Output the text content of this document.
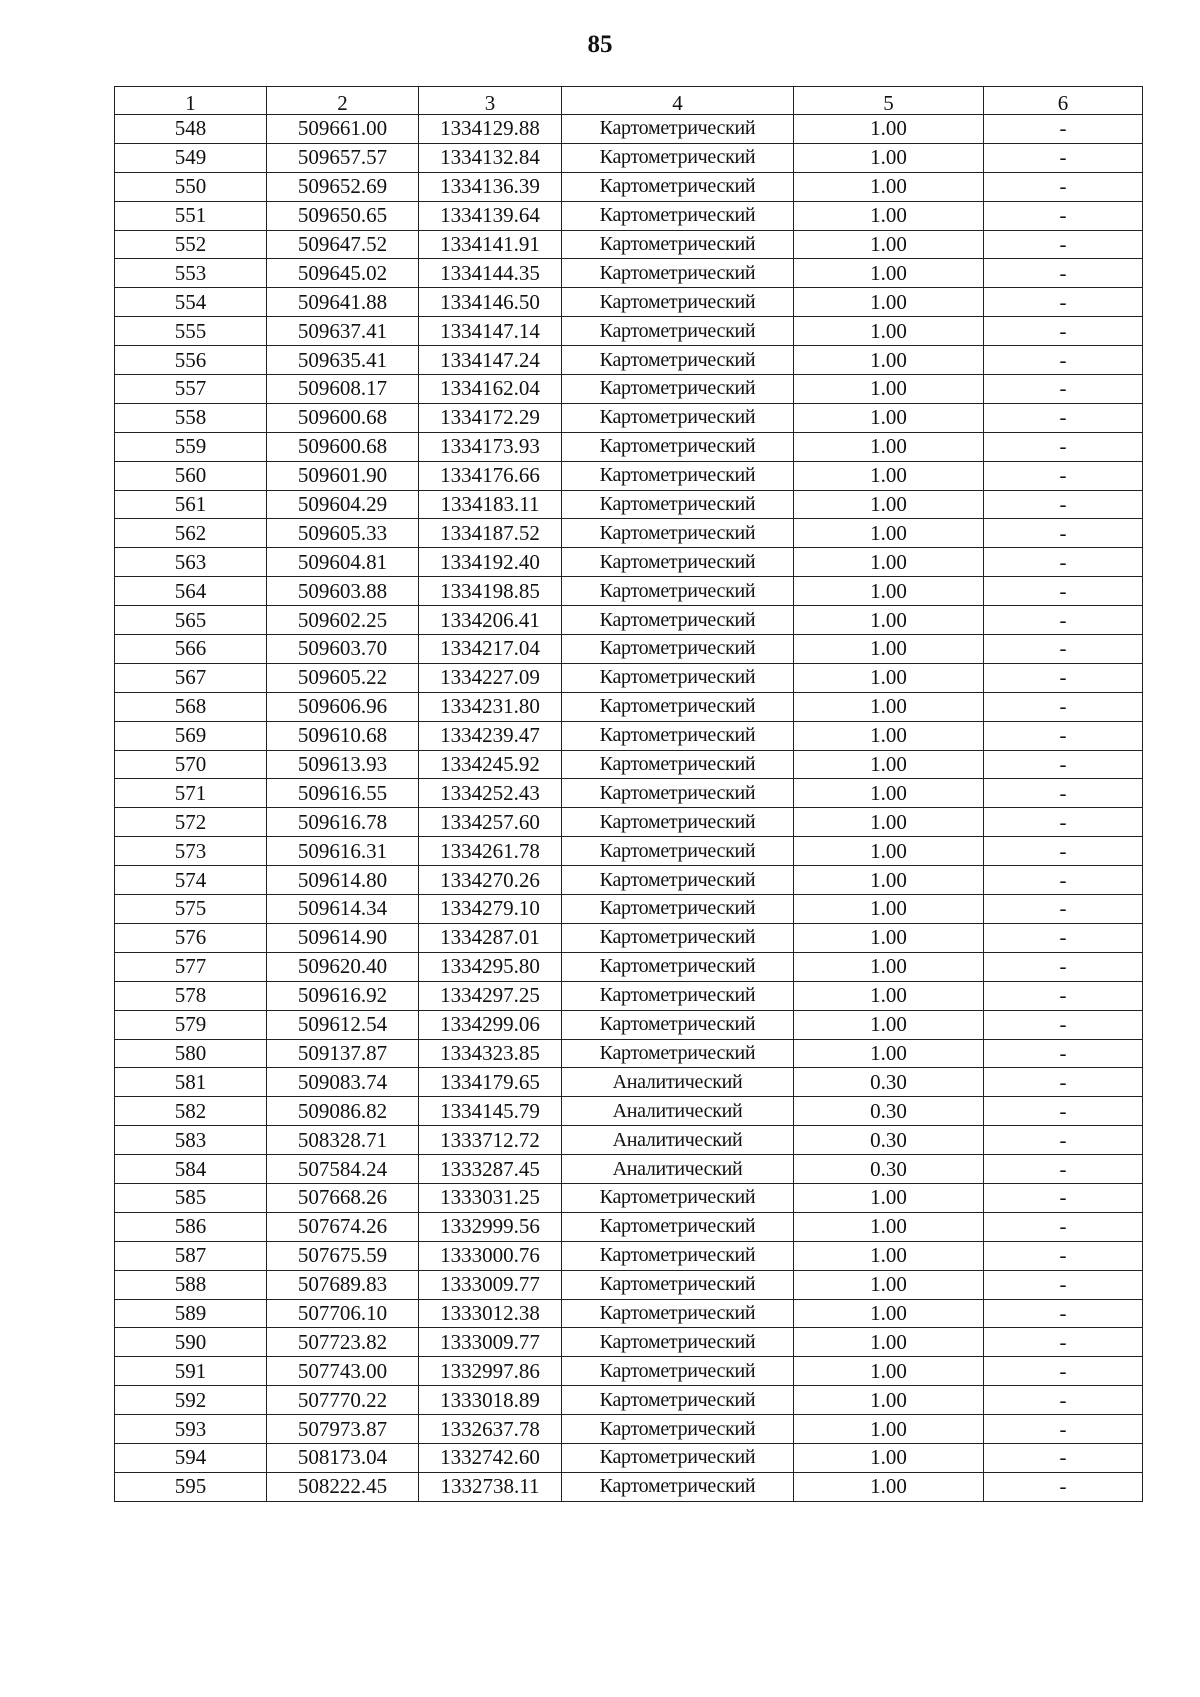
85
1	2	3	4	5	6
548	509661.00	1334129.88	Картометрический	1.00	-
549	509657.57	1334132.84	Картометрический	1.00	-
550	509652.69	1334136.39	Картометрический	1.00	-
551	509650.65	1334139.64	Картометрический	1.00	-
552	509647.52	1334141.91	Картометрический	1.00	-
553	509645.02	1334144.35	Картометрический	1.00	-
554	509641.88	1334146.50	Картометрический	1.00	-
555	509637.41	1334147.14	Картометрический	1.00	-
556	509635.41	1334147.24	Картометрический	1.00	-
557	509608.17	1334162.04	Картометрический	1.00	-
558	509600.68	1334172.29	Картометрический	1.00	-
559	509600.68	1334173.93	Картометрический	1.00	-
560	509601.90	1334176.66	Картометрический	1.00	-
561	509604.29	1334183.11	Картометрический	1.00	-
562	509605.33	1334187.52	Картометрический	1.00	-
563	509604.81	1334192.40	Картометрический	1.00	-
564	509603.88	1334198.85	Картометрический	1.00	-
565	509602.25	1334206.41	Картометрический	1.00	-
566	509603.70	1334217.04	Картометрический	1.00	-
567	509605.22	1334227.09	Картометрический	1.00	-
568	509606.96	1334231.80	Картометрический	1.00	-
569	509610.68	1334239.47	Картометрический	1.00	-
570	509613.93	1334245.92	Картометрический	1.00	-
571	509616.55	1334252.43	Картометрический	1.00	-
572	509616.78	1334257.60	Картометрический	1.00	-
573	509616.31	1334261.78	Картометрический	1.00	-
574	509614.80	1334270.26	Картометрический	1.00	-
575	509614.34	1334279.10	Картометрический	1.00	-
576	509614.90	1334287.01	Картометрический	1.00	-
577	509620.40	1334295.80	Картометрический	1.00	-
578	509616.92	1334297.25	Картометрический	1.00	-
579	509612.54	1334299.06	Картометрический	1.00	-
580	509137.87	1334323.85	Картометрический	1.00	-
581	509083.74	1334179.65	Аналитический	0.30	-
582	509086.82	1334145.79	Аналитический	0.30	-
583	508328.71	1333712.72	Аналитический	0.30	-
584	507584.24	1333287.45	Аналитический	0.30	-
585	507668.26	1333031.25	Картометрический	1.00	-
586	507674.26	1332999.56	Картометрический	1.00	-
587	507675.59	1333000.76	Картометрический	1.00	-
588	507689.83	1333009.77	Картометрический	1.00	-
589	507706.10	1333012.38	Картометрический	1.00	-
590	507723.82	1333009.77	Картометрический	1.00	-
591	507743.00	1332997.86	Картометрический	1.00	-
592	507770.22	1333018.89	Картометрический	1.00	-
593	507973.87	1332637.78	Картометрический	1.00	-
594	508173.04	1332742.60	Картометрический	1.00	-
595	508222.45	1332738.11	Картометрический	1.00	-
